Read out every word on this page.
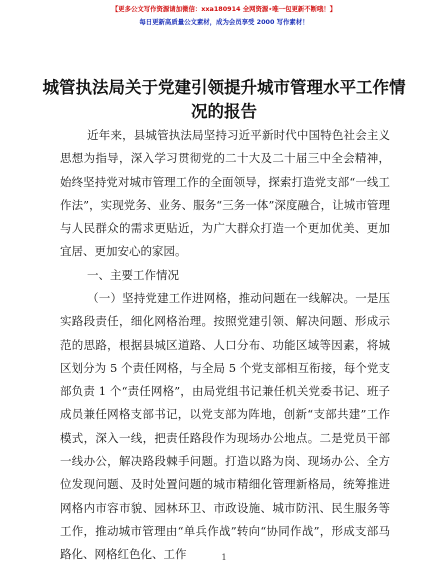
【更多公文写作资源请加微信：xxa180914 全网资源⋆唯一包更新不断哦！】
每日更新高质量公文素材，成为会员享受 2000 写作素材！
城管执法局关于党建引领提升城市管理水平工作情况的报告
近年来，县城管执法局坚持习近平新时代中国特色社会主义思想为指导，深入学习贯彻党的二十大及二十届三中全会精神，始终坚持党对城市管理工作的全面领导，探索打造党支部“一线工作法”，实现党务、业务、服务“三务一体”深度融合，让城市管理与人民群众的需求更贴近，为广大群众打造一个更加优美、更加宜居、更加安心的家园。
一、主要工作情况
（一）坚持党建工作进网格，推动问题在一线解决。一是压实路段责任，细化网格治理。按照党建引领、解决问题、形成示范的思路，根据县城区道路、人口分布、功能区域等因素，将城区划分为 5 个责任网格，与全局 5 个党支部相互衔接，每个党支部负责 1 个“责任网格”，由局党组书记兼任机关党委书记、班子成员兼任网格支部书记，以党支部为阵地，创新“支部共建”工作模式，深入一线，把责任路段作为现场办公地点。二是党员干部一线办公，解决路段棘手问题。打造以路为岗、现场办公、全方位发现问题、及时处置问题的城市精细化管理新格局，统筹推进网格内市容市貌、园林环卫、市政设施、城市防汛、民生服务等工作，推动城市管理由“单兵作战”转向“协同作战”，形成支部马路化、网格红色化、工作	1
